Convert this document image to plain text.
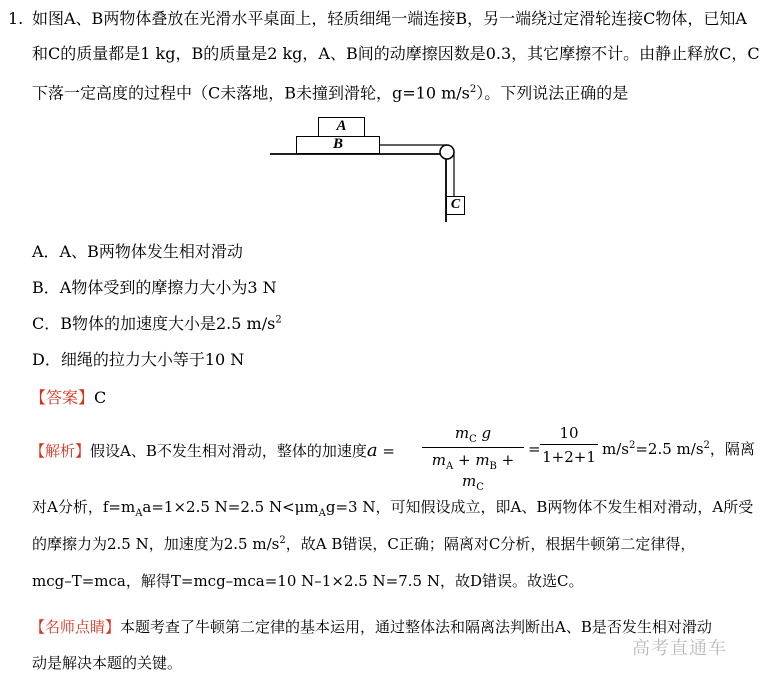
1. 如图A、B两物体叠放在光滑水平桌面上，轻质细绳一端连接B，另一端绕过定滑轮连接C物体，已知A
和C的质量都是1 kg，B的质量是2 kg，A、B间的动摩擦因数是0.3，其它摩擦不计。由静止释放C，C
下落一定高度的过程中（C未落地，B未撞到滑轮，g=10 $m/s^2$）。下列说法正确的是
A
B
C
A．A、B两物体发生相对滑动
B．A物体受到的摩擦力大小为3 N
C．B物体的加速度大小是2.5 $m/s^2$
D．细绳的拉力大小等于10 N
【答案】C
【解析】假设A、B不发生相对滑动，整体的加速度$a = \frac{m_C g}{m_A + m_B + m_C} = \frac{10}{1+2+1} m/s^2=2.5$ $m/s^2$，隔离
对A分析，$f=m_Aa=1\times 2.5$ N=2.5 $N<\mu m_Ag=3$ N，可知假设成立，即A、B两物体不发生相对滑动，A所受
的摩擦力为2.5 N，加速度为2.5 $m/s^2$，故A B错误，C正确；隔离对C分析，根据牛顿第二定律得，
mcg–T=mca，解得T=mcg–mca=10 N–1×2.5 N=7.5 N，故D错误。故选C。
【名师点睛】本题考查了牛顿第二定律的基本运用，通过整体法和隔离法判断出A、B是否发生相对滑动
动是解决本题的关键。
高考直通车
